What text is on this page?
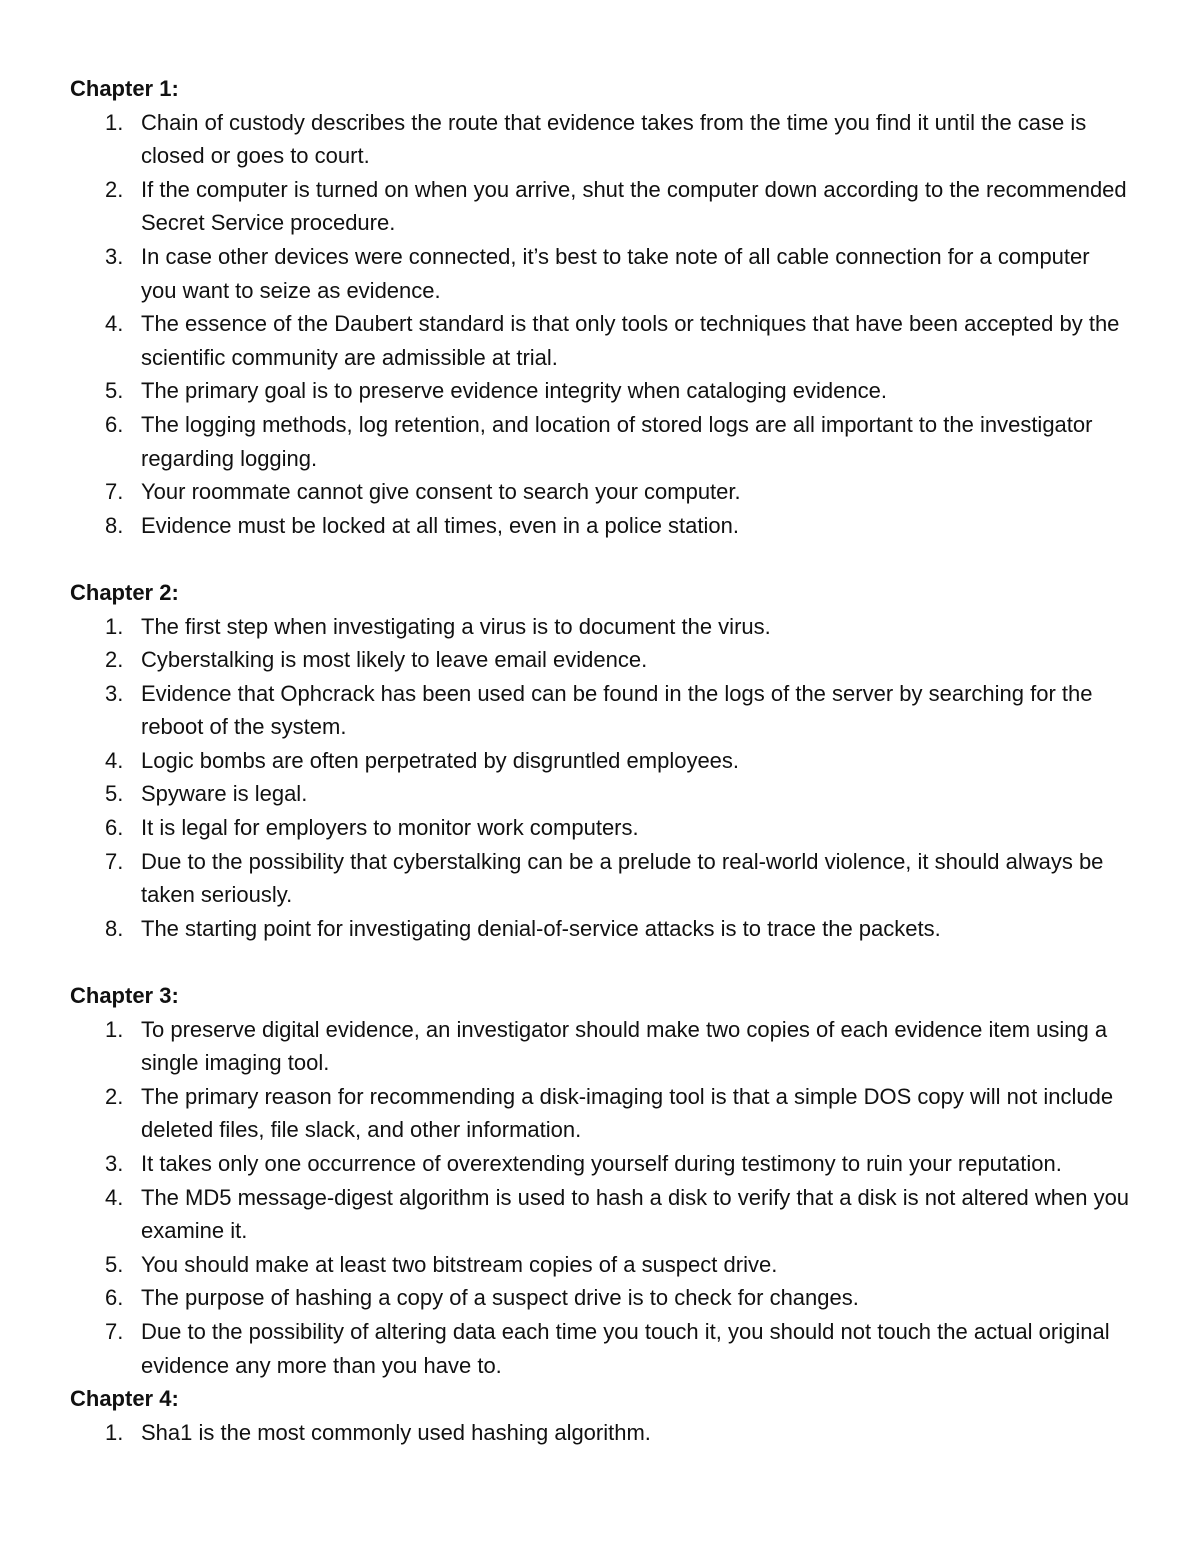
Chapter 1:
1. Chain of custody describes the route that evidence takes from the time you find it until the case is closed or goes to court.
2. If the computer is turned on when you arrive, shut the computer down according to the recommended Secret Service procedure.
3. In case other devices were connected, it’s best to take note of all cable connection for a computer you want to seize as evidence.
4. The essence of the Daubert standard is that only tools or techniques that have been accepted by the scientific community are admissible at trial.
5. The primary goal is to preserve evidence integrity when cataloging evidence.
6. The logging methods, log retention, and location of stored logs are all important to the investigator regarding logging.
7. Your roommate cannot give consent to search your computer.
8. Evidence must be locked at all times, even in a police station.
Chapter 2:
1. The first step when investigating a virus is to document the virus.
2. Cyberstalking is most likely to leave email evidence.
3. Evidence that Ophcrack has been used can be found in the logs of the server by searching for the reboot of the system.
4. Logic bombs are often perpetrated by disgruntled employees.
5. Spyware is legal.
6. It is legal for employers to monitor work computers.
7. Due to the possibility that cyberstalking can be a prelude to real-world violence, it should always be taken seriously.
8. The starting point for investigating denial-of-service attacks is to trace the packets.
Chapter 3:
1. To preserve digital evidence, an investigator should make two copies of each evidence item using a single imaging tool.
2. The primary reason for recommending a disk-imaging tool is that a simple DOS copy will not include deleted files, file slack, and other information.
3. It takes only one occurrence of overextending yourself during testimony to ruin your reputation.
4. The MD5 message-digest algorithm is used to hash a disk to verify that a disk is not altered when you examine it.
5. You should make at least two bitstream copies of a suspect drive.
6. The purpose of hashing a copy of a suspect drive is to check for changes.
7. Due to the possibility of altering data each time you touch it, you should not touch the actual original evidence any more than you have to.
Chapter 4:
1. Sha1 is the most commonly used hashing algorithm.
